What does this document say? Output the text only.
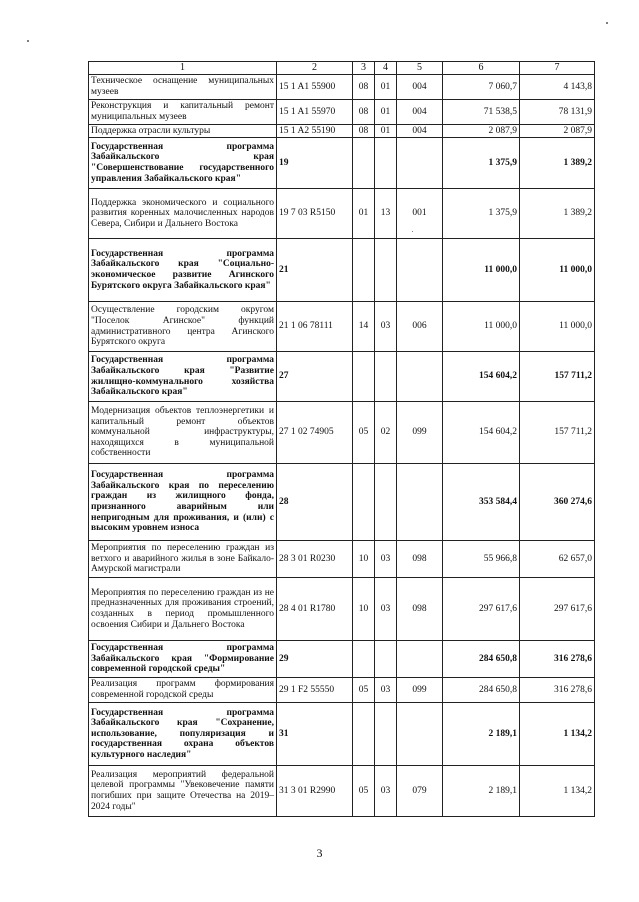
1	2	3	4	5	6	7
Техническое оснащение муниципальных музеев	15 1 A1 55900	08	01	004	7 060,7	4 143,8
Реконструкция и капитальный ремонт муниципальных музеев	15 1 A1 55970	08	01	004	71 538,5	78 131,9
Поддержка отрасли культуры	15 1 A2 55190	08	01	004	2 087,9	2 087,9
Государственная программа Забайкальского края "Совершенствование государственного управления Забайкальского края"	19				1 375,9	1 389,2
Поддержка экономического и социального развития коренных малочисленных народов Севера, Сибири и Дальнего Востока	19 7 03 R5150	01	13	001	1 375,9	1 389,2
Государственная программа Забайкальского края "Социально-экономическое развитие Агинского Бурятского округа Забайкальского края"	21				11 000,0	11 000,0
Осуществление городским округом "Поселок Агинское" функций административного центра Агинского Бурятского округа	21 1 06 78111	14	03	006	11 000,0	11 000,0
Государственная программа Забайкальского края "Развитие жилищно-коммунального хозяйства Забайкальского края"	27				154 604,2	157 711,2
Модернизация объектов теплоэнергетики и капитальный ремонт объектов коммунальной инфраструктуры, находящихся в муниципальной собственности	27 1 02 74905	05	02	099	154 604,2	157 711,2
Государственная программа Забайкальского края по переселению граждан из жилищного фонда, признанного аварийным или непригодным для проживания, и (или) с высоким уровнем износа	28				353 584,4	360 274,6
Мероприятия по переселению граждан из ветхого и аварийного жилья в зоне Байкало-Амурской магистрали	28 3 01 R0230	10	03	098	55 966,8	62 657,0
Мероприятия по переселению граждан из не предназначенных для проживания строений, созданных в период промышленного освоения Сибири и Дальнего Востока	28 4 01 R1780	10	03	098	297 617,6	297 617,6
Государственная программа Забайкальского края "Формирование современной городской среды"	29				284 650,8	316 278,6
Реализация программ формирования современной городской среды	29 1 F2 55550	05	03	099	284 650,8	316 278,6
Государственная программа Забайкальского края "Сохранение, использование, популяризация и государственная охрана объектов культурного наследия"	31				2 189,1	1 134,2
Реализация мероприятий федеральной целевой программы "Увековечение памяти погибших при защите Отечества на 2019–2024 годы"	31 3 01 R2990	05	03	079	2 189,1	1 134,2
3
